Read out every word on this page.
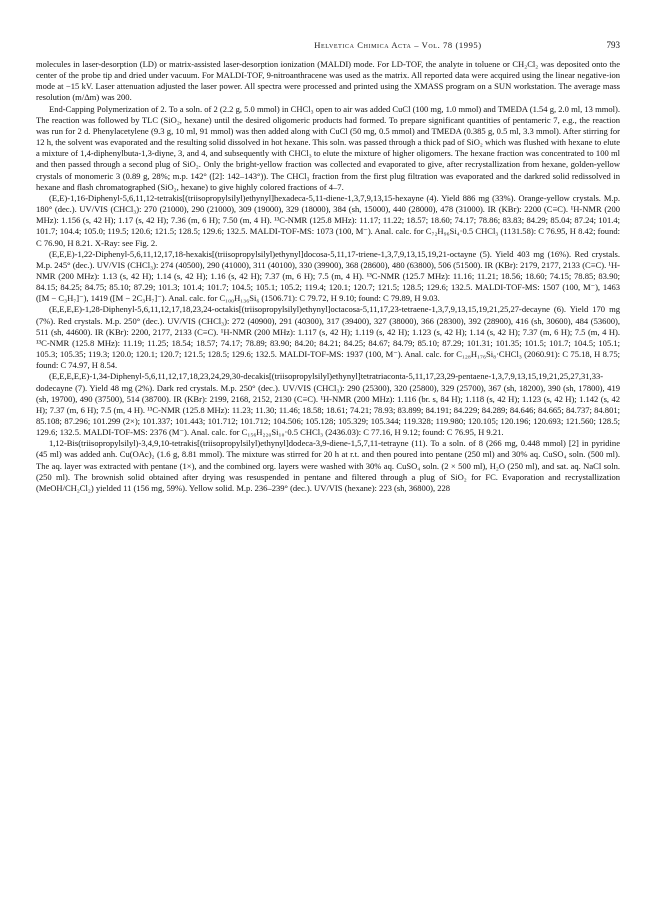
Helvetica Chimica Acta – Vol. 78 (1995)	793

molecules in laser-desorption (LD) or matrix-assisted laser-desorption ionization (MALDI) mode. For LD-TOF, the analyte in toluene or CH₂Cl₂ was deposited onto the center of the probe tip and dried under vacuum. For MALDI-TOF, 9-nitroanthracene was used as the matrix. All reported data were acquired using the linear negative-ion mode at −15 kV. Laser attenuation adjusted the laser power. All spectra were processed and printed using the XMASS program on a SUN workstation. The average mass resolution (m/Δm) was 200.

End-Capping Polymerization of 2. To a soln. of 2 (2.2 g, 5.0 mmol) in CHCl₃ open to air was added CuCl (100 mg, 1.0 mmol) and TMEDA (1.54 g, 2.0 ml, 13 mmol). The reaction was followed by TLC (SiO₂, hexane) until the desired oligomeric products had formed. To prepare significant quantities of pentameric 7, e.g., the reaction was run for 2 d. Phenylacetylene (9.3 g, 10 ml, 91 mmol) was then added along with CuCl (50 mg, 0.5 mmol) and TMEDA (0.385 g, 0.5 ml, 3.3 mmol). After stirring for 12 h, the solvent was evaporated and the resulting solid dissolved in hot hexane. This soln. was passed through a thick pad of SiO₂ which was flushed with hexane to elute a mixture of 1,4-diphenylbuta-1,3-diyne, 3, and 4, and subsequently with CHCl₃ to elute the mixture of higher oligomers. The hexane fraction was concentrated to 100 ml and then passed through a second plug of SiO₂. Only the bright-yellow fraction was collected and evaporated to give, after recrystallization from hexane, golden-yellow crystals of monomeric 3 (0.89 g, 28%; m.p. 142° ([2]: 142–143°)). The CHCl₃ fraction from the first plug filtration was evaporated and the darkred solid redissolved in hexane and flash chromatographed (SiO₂, hexane) to give highly colored fractions of 4–7.

(E,E)-1,16-Diphenyl-5,6,11,12-tetrakis[(triisopropylsilyl)ethynyl]hexadeca-5,11-diene-1,3,7,9,13,15-hexayne (4). Yield 886 mg (33%). Orange-yellow crystals. M.p. 180° (dec.). UV/VIS (CHCl₃): 270 (21000), 290 (21000), 309 (19000), 329 (18000), 384 (sh, 15000), 440 (28000), 478 (31000). IR (KBr): 2200 (C≡C). ¹H-NMR (200 MHz): 1.156 (s, 42 H); 1.17 (s, 42 H); 7.36 (m, 6 H); 7.50 (m, 4 H). ¹³C-NMR (125.8 MHz): 11.17; 11.22; 18.57; 18.60; 74.17; 78.86; 83.83; 84.29; 85.04; 87.24; 101.4; 101.7; 104.4; 105.0; 119.5; 120.6; 121.5; 128.5; 129.6; 132.5. MALDI-TOF-MS: 1073 (100, M⁻). Anal. calc. for C₇₂H₉₆Si₄·0.5 CHCl₃ (1131.58): C 76.95, H 8.42; found: C 76.90, H 8.21. X-Ray: see Fig. 2.

(E,E,E)-1,22-Diphenyl-5,6,11,12,17,18-hexakis[(triisopropylsilyl)ethynyl]docosa-5,11,17-triene-1,3,7,9,13,15,19,21-octayne (5). Yield 403 mg (16%). Red crystals. M.p. 245° (dec.). UV/VIS (CHCl₃): 274 (40500), 290 (41000), 311 (40100), 330 (39900), 368 (28600), 480 (63800), 506 (51500). IR (KBr): 2179, 2177, 2133 (C≡C). ¹H-NMR (200 MHz): 1.13 (s, 42 H); 1.14 (s, 42 H); 1.16 (s, 42 H); 7.37 (m, 6 H); 7.5 (m, 4 H). ¹³C-NMR (125.7 MHz): 11.16; 11.21; 18.56; 18.60; 74.15; 78.85; 83.90; 84.15; 84.25; 84.75; 85.10; 87.29; 101.3; 101.4; 101.7; 104.5; 105.1; 105.2; 119.4; 120.1; 120.7; 121.5; 128.5; 129.6; 132.5. MALDI-TOF-MS: 1507 (100, M⁻), 1463 ([M − C₃H₇]⁻), 1419 ([M − 2C₃H₇]⁻). Anal. calc. for C₁₀₀H₁₃₆Si₆ (1506.71): C 79.72, H 9.10; found: C 79.89, H 9.03.

(E,E,E,E)-1,28-Diphenyl-5,6,11,12,17,18,23,24-octakis[(triisopropylsilyl)ethynyl]octacosa-5,11,17,23-tetraene-1,3,7,9,13,15,19,21,25,27-decayne (6). Yield 170 mg (7%). Red crystals. M.p. 250° (dec.). UV/VIS (CHCl₃): 272 (40900), 291 (40300), 317 (39400), 327 (38000), 366 (28300), 392 (28900), 416 (sh, 30600), 484 (53600), 511 (sh, 44600). IR (KBr): 2200, 2177, 2133 (C≡C). ¹H-NMR (200 MHz): 1.117 (s, 42 H); 1.119 (s, 42 H); 1.123 (s, 42 H); 1.14 (s, 42 H); 7.37 (m, 6 H); 7.5 (m, 4 H). ¹³C-NMR (125.8 MHz): 11.19; 11.25; 18.54; 18.57; 74.17; 78.89; 83.90; 84.20; 84.21; 84.25; 84.67; 84.79; 85.10; 87.29; 101.31; 101.35; 101.5; 101.7; 104.5; 105.1; 105.3; 105.35; 119.3; 120.0; 120.1; 120.7; 121.5; 128.5; 129.6; 132.5. MALDI-TOF-MS: 1937 (100, M⁻). Anal. calc. for C₁₂₈H₁₇₆Si₈·CHCl₃ (2060.91): C 75.18, H 8.75; found: C 74.97, H 8.54.

(E,E,E,E,E)-1,34-Diphenyl-5,6,11,12,17,18,23,24,29,30-decakis[(triisopropylsilyl)ethynyl]tetratriaconta-5,11,17,23,29-pentaene-1,3,7,9,13,15,19,21,25,27,31,33-dodecayne (7). Yield 48 mg (2%). Dark red crystals. M.p. 250° (dec.). UV/VIS (CHCl₃): 290 (25300), 320 (25800), 329 (25700), 367 (sh, 18200), 390 (sh, 17800), 419 (sh, 19700), 490 (37500), 514 (38700). IR (KBr): 2199, 2168, 2152, 2130 (C≡C). ¹H-NMR (200 MHz): 1.116 (br. s, 84 H); 1.118 (s, 42 H); 1.123 (s, 42 H); 1.142 (s, 42 H); 7.37 (m, 6 H); 7.5 (m, 4 H). ¹³C-NMR (125.8 MHz): 11.23; 11.30; 11.46; 18.58; 18.61; 74.21; 78.93; 83.899; 84.191; 84.229; 84.289; 84.646; 84.665; 84.737; 84.801; 85.108; 87.296; 101.299 (2×); 101.337; 101.443; 101.712; 101.712; 104.506; 105.128; 105.329; 105.344; 119.328; 119.980; 120.105; 120.196; 120.693; 121.560; 128.5; 129.6; 132.5. MALDI-TOF-MS: 2376 (M⁻). Anal. calc. for C₁₅₆H₂₂₀Si₁₀·0.5 CHCl₃ (2436.03): C 77.16, H 9.12; found: C 76.95, H 9.21.

1,12-Bis(triisopropylsilyl)-3,4,9,10-tetrakis[(triisopropylsilyl)ethynyl]dodeca-3,9-diene-1,5,7,11-tetrayne (11). To a soln. of 8 (266 mg, 0.448 mmol) [2] in pyridine (45 ml) was added anh. Cu(OAc)₂ (1.6 g, 8.81 mmol). The mixture was stirred for 20 h at r.t. and then poured into pentane (250 ml) and 30% aq. CuSO₄ soln. (500 ml). The aq. layer was extracted with pentane (1×), and the combined org. layers were washed with 30% aq. CuSO₄ soln. (2 × 500 ml), H₂O (250 ml), and sat. aq. NaCl soln. (250 ml). The brownish solid obtained after drying was resuspended in pentane and filtered through a plug of SiO₂ for FC. Evaporation and recrystallization (MeOH/CH₂Cl₂) yielded 11 (156 mg, 59%). Yellow solid. M.p. 236–239° (dec.). UV/VIS (hexane): 223 (sh, 36800), 228
